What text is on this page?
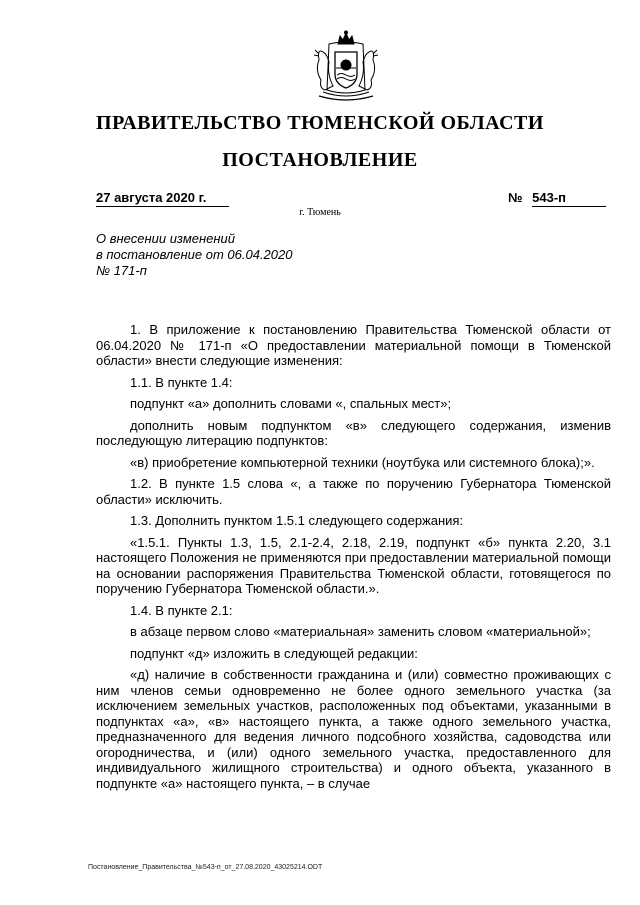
ПРАВИТЕЛЬСТВО ТЮМЕНСКОЙ ОБЛАСТИ
ПОСТАНОВЛЕНИЕ
27 августа 2020 г.	№ 543-п
г. Тюмень
О внесении изменений
в постановление от 06.04.2020
№ 171-п

1. В приложение к постановлению Правительства Тюменской области от 06.04.2020 № 171-п «О предоставлении материальной помощи в Тюменской области» внести следующие изменения:

1.1. В пункте 1.4:

подпункт «а» дополнить словами «, спальных мест»;

дополнить новым подпунктом «в» следующего содержания, изменив последующую литерацию подпунктов:

«в) приобретение компьютерной техники (ноутбука или системного блока);».

1.2. В пункте 1.5 слова «, а также по поручению Губернатора Тюменской области» исключить.

1.3. Дополнить пунктом 1.5.1 следующего содержания:

«1.5.1. Пункты 1.3, 1.5, 2.1-2.4, 2.18, 2.19, подпункт «б» пункта 2.20, 3.1 настоящего Положения не применяются при предоставлении материальной помощи на основании распоряжения Правительства Тюменской области, готовящегося по поручению Губернатора Тюменской области.».

1.4. В пункте 2.1:

в абзаце первом слово «материальная» заменить словом «материальной»;

подпункт «д» изложить в следующей редакции:

«д) наличие в собственности гражданина и (или) совместно проживающих с ним членов семьи одновременно не более одного земельного участка (за исключением земельных участков, расположенных под объектами, указанными в подпунктах «а», «в» настоящего пункта, а также одного земельного участка, предназначенного для ведения личного подсобного хозяйства, садоводства или огородничества, и (или) одного земельного участка, предоставленного для индивидуального жилищного строительства) и одного объекта, указанного в подпункте «а» настоящего пункта, – в случае

Постановление_Правительства_№543-п_от_27.08.2020_43025214.ODT
